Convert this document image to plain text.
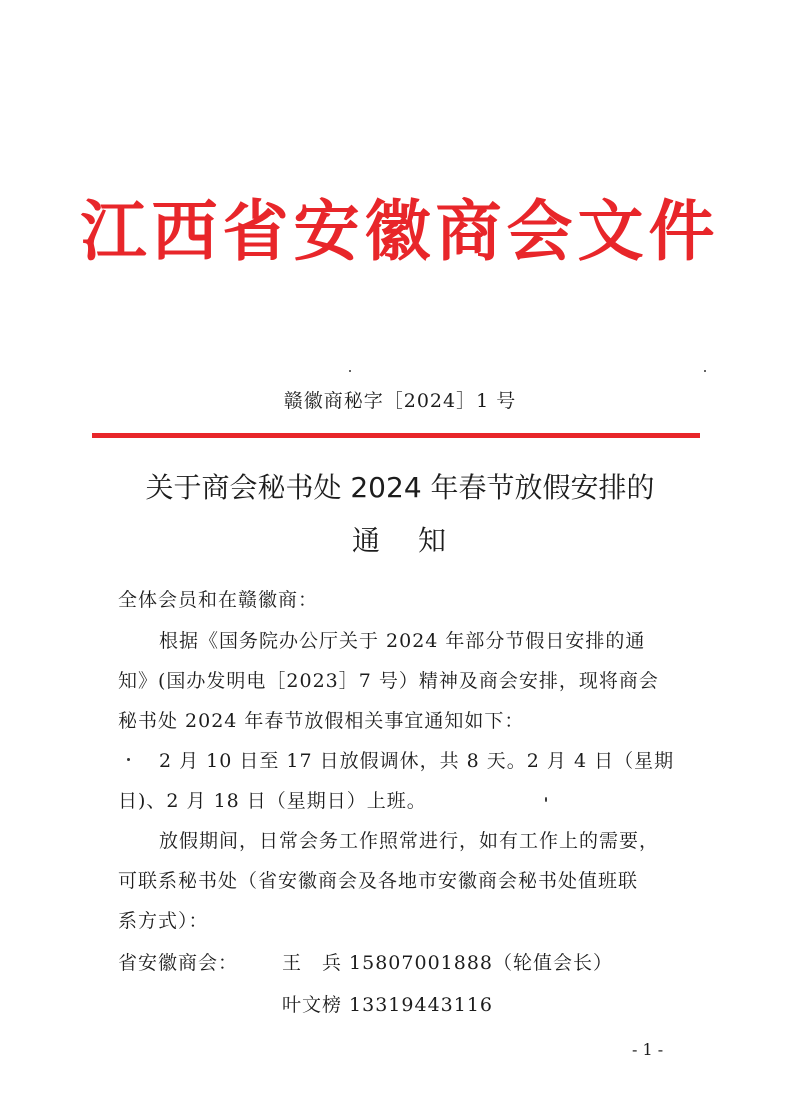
江西省安徽商会文件
赣徽商秘字［2024］1 号
关于商会秘书处 2024 年春节放假安排的
通 知
全体会员和在赣徽商：
根据《国务院办公厅关于 2024 年部分节假日安排的通
知》(国办发明电［2023］7 号）精神及商会安排，现将商会
秘书处 2024 年春节放假相关事宜通知如下：
2 月 10 日至 17 日放假调休，共 8 天。2 月 4 日（星期
日)、2 月 18 日（星期日）上班。
放假期间，日常会务工作照常进行，如有工作上的需要，
可联系秘书处（省安徽商会及各地市安徽商会秘书处值班联
系方式）：
省安徽商会： 王　兵 15807001888（轮值会长）
叶文榜 13319443116
- 1 -
